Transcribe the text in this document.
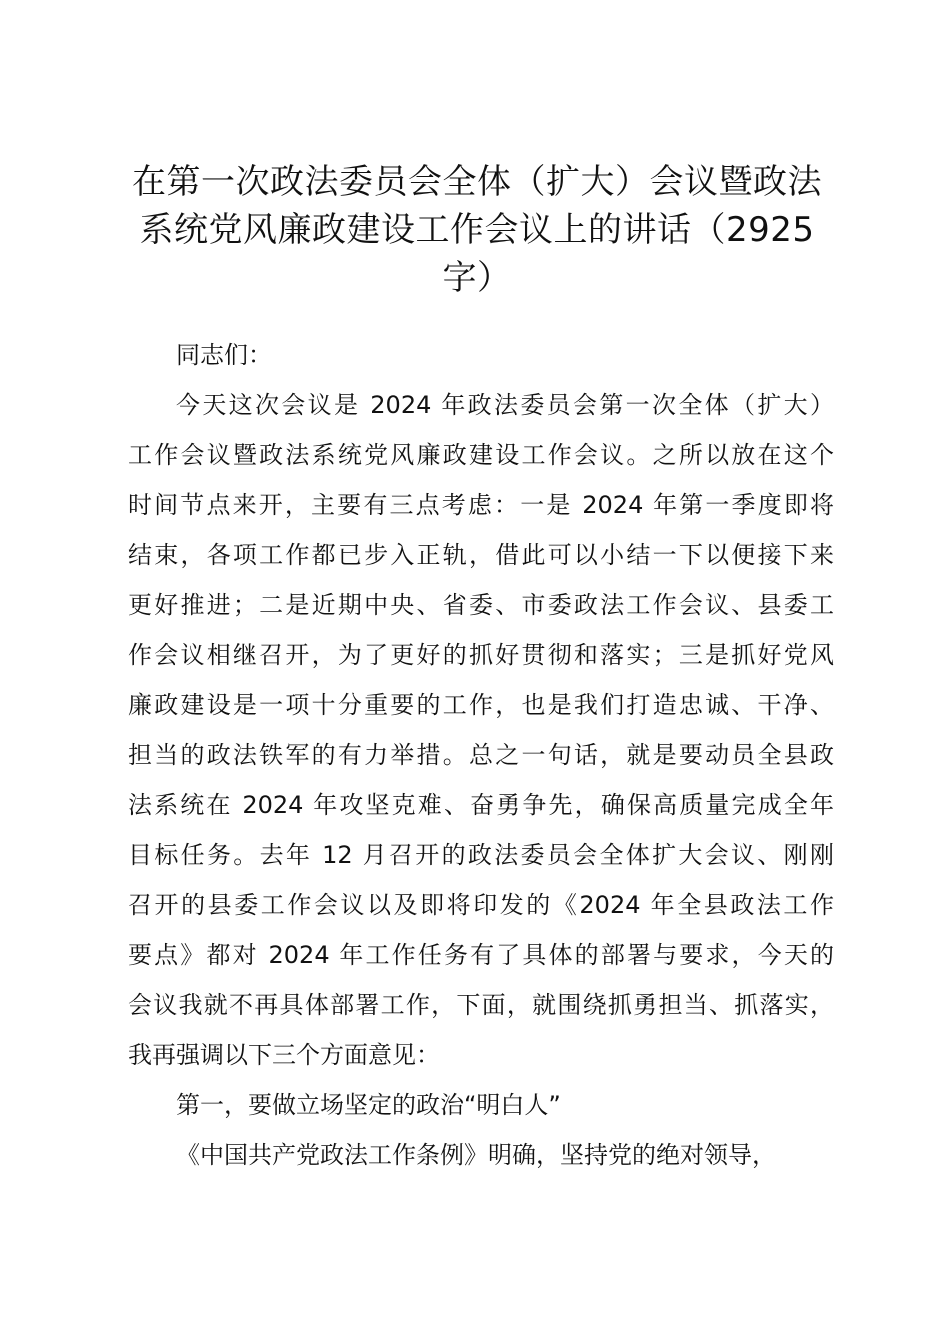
在第一次政法委员会全体（扩大）会议暨政法
系统党风廉政建设工作会议上的讲话（2925
字）

同志们：

今天这次会议是 2024 年政法委员会第一次全体（扩大）
工作会议暨政法系统党风廉政建设工作会议。之所以放在这个
时间节点来开，主要有三点考虑：一是 2024 年第一季度即将
结束，各项工作都已步入正轨，借此可以小结一下以便接下来
更好推进；二是近期中央、省委、市委政法工作会议、县委工
作会议相继召开，为了更好的抓好贯彻和落实；三是抓好党风
廉政建设是一项十分重要的工作，也是我们打造忠诚、干净、
担当的政法铁军的有力举措。总之一句话，就是要动员全县政
法系统在 2024 年攻坚克难、奋勇争先，确保高质量完成全年
目标任务。去年 12 月召开的政法委员会全体扩大会议、刚刚
召开的县委工作会议以及即将印发的《2024 年全县政法工作
要点》都对 2024 年工作任务有了具体的部署与要求，今天的
会议我就不再具体部署工作，下面，就围绕抓勇担当、抓落实，
我再强调以下三个方面意见：

第一，要做立场坚定的政治“明白人”

《中国共产党政法工作条例》明确，坚持党的绝对领导，
